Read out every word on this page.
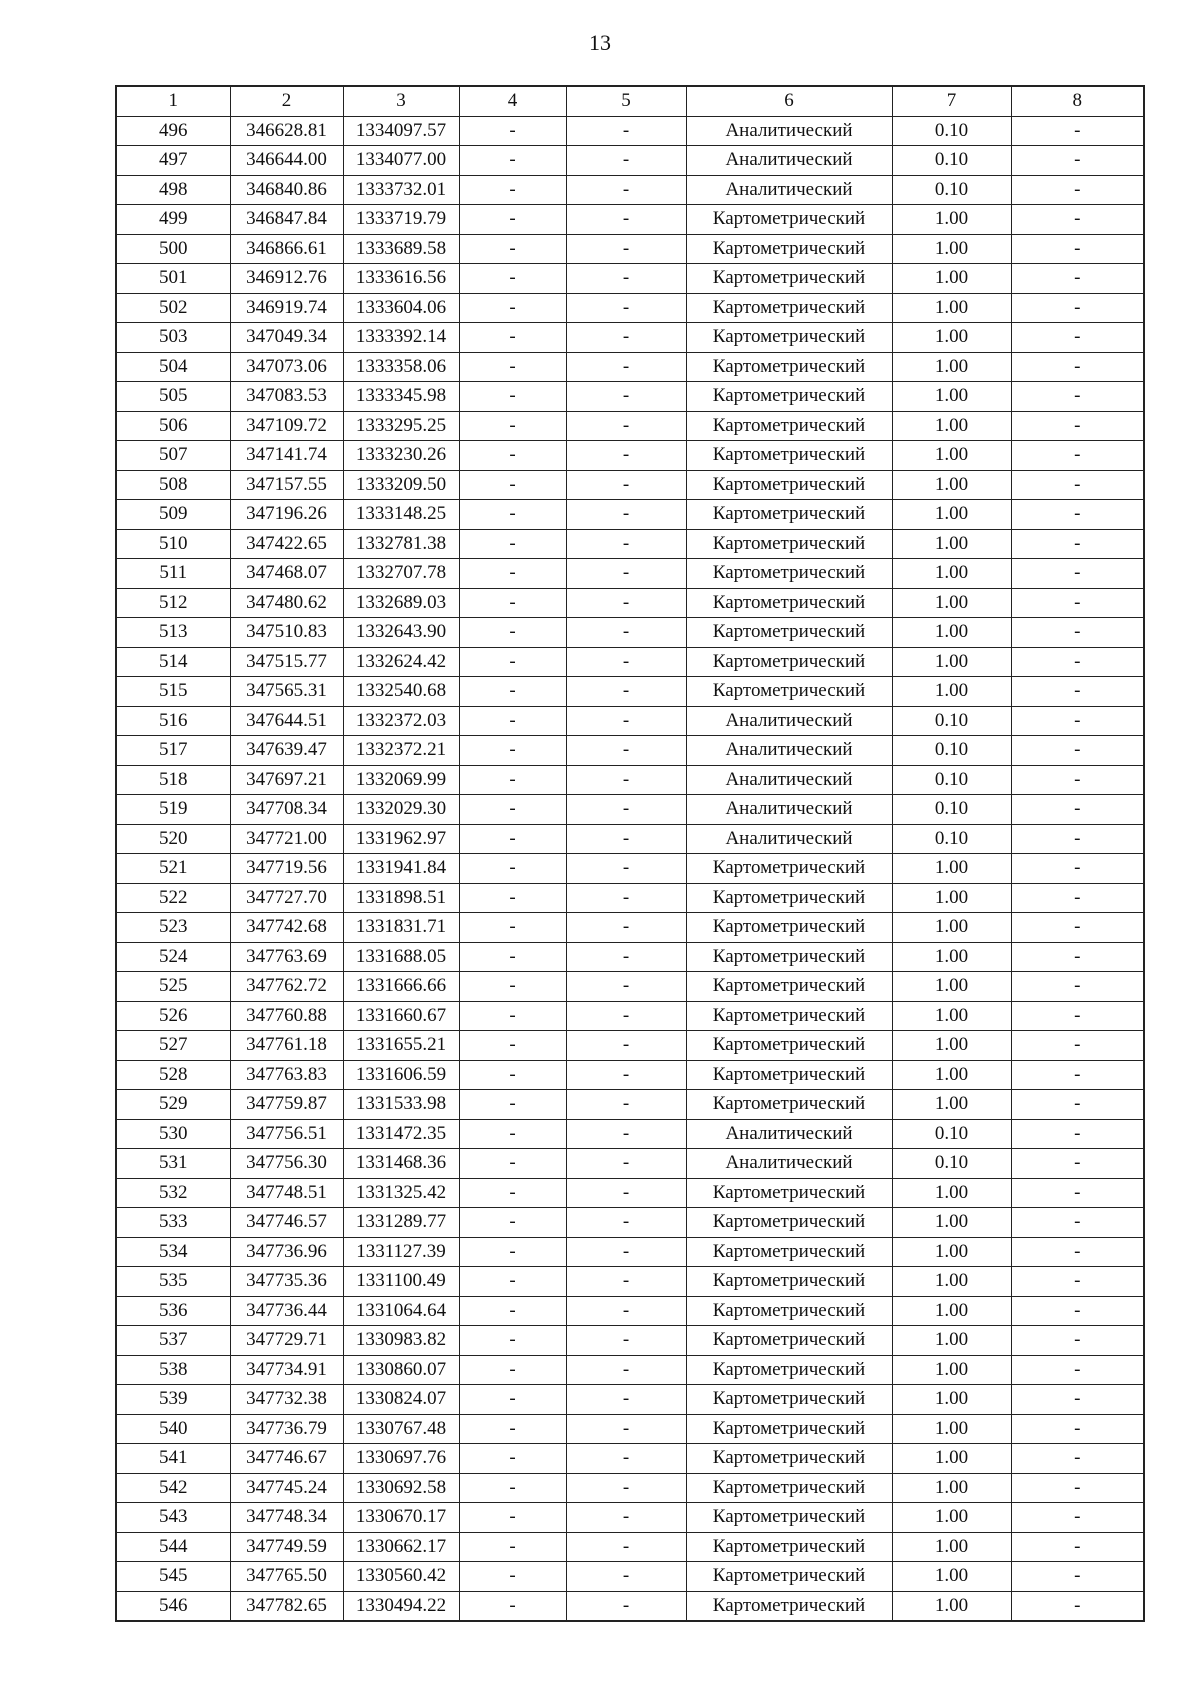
13
1	2	3	4	5	6	7	8
496	346628.81	1334097.57	-	-	Аналитический	0.10	-
497	346644.00	1334077.00	-	-	Аналитический	0.10	-
498	346840.86	1333732.01	-	-	Аналитический	0.10	-
499	346847.84	1333719.79	-	-	Картометрический	1.00	-
500	346866.61	1333689.58	-	-	Картометрический	1.00	-
501	346912.76	1333616.56	-	-	Картометрический	1.00	-
502	346919.74	1333604.06	-	-	Картометрический	1.00	-
503	347049.34	1333392.14	-	-	Картометрический	1.00	-
504	347073.06	1333358.06	-	-	Картометрический	1.00	-
505	347083.53	1333345.98	-	-	Картометрический	1.00	-
506	347109.72	1333295.25	-	-	Картометрический	1.00	-
507	347141.74	1333230.26	-	-	Картометрический	1.00	-
508	347157.55	1333209.50	-	-	Картометрический	1.00	-
509	347196.26	1333148.25	-	-	Картометрический	1.00	-
510	347422.65	1332781.38	-	-	Картометрический	1.00	-
511	347468.07	1332707.78	-	-	Картометрический	1.00	-
512	347480.62	1332689.03	-	-	Картометрический	1.00	-
513	347510.83	1332643.90	-	-	Картометрический	1.00	-
514	347515.77	1332624.42	-	-	Картометрический	1.00	-
515	347565.31	1332540.68	-	-	Картометрический	1.00	-
516	347644.51	1332372.03	-	-	Аналитический	0.10	-
517	347639.47	1332372.21	-	-	Аналитический	0.10	-
518	347697.21	1332069.99	-	-	Аналитический	0.10	-
519	347708.34	1332029.30	-	-	Аналитический	0.10	-
520	347721.00	1331962.97	-	-	Аналитический	0.10	-
521	347719.56	1331941.84	-	-	Картометрический	1.00	-
522	347727.70	1331898.51	-	-	Картометрический	1.00	-
523	347742.68	1331831.71	-	-	Картометрический	1.00	-
524	347763.69	1331688.05	-	-	Картометрический	1.00	-
525	347762.72	1331666.66	-	-	Картометрический	1.00	-
526	347760.88	1331660.67	-	-	Картометрический	1.00	-
527	347761.18	1331655.21	-	-	Картометрический	1.00	-
528	347763.83	1331606.59	-	-	Картометрический	1.00	-
529	347759.87	1331533.98	-	-	Картометрический	1.00	-
530	347756.51	1331472.35	-	-	Аналитический	0.10	-
531	347756.30	1331468.36	-	-	Аналитический	0.10	-
532	347748.51	1331325.42	-	-	Картометрический	1.00	-
533	347746.57	1331289.77	-	-	Картометрический	1.00	-
534	347736.96	1331127.39	-	-	Картометрический	1.00	-
535	347735.36	1331100.49	-	-	Картометрический	1.00	-
536	347736.44	1331064.64	-	-	Картометрический	1.00	-
537	347729.71	1330983.82	-	-	Картометрический	1.00	-
538	347734.91	1330860.07	-	-	Картометрический	1.00	-
539	347732.38	1330824.07	-	-	Картометрический	1.00	-
540	347736.79	1330767.48	-	-	Картометрический	1.00	-
541	347746.67	1330697.76	-	-	Картометрический	1.00	-
542	347745.24	1330692.58	-	-	Картометрический	1.00	-
543	347748.34	1330670.17	-	-	Картометрический	1.00	-
544	347749.59	1330662.17	-	-	Картометрический	1.00	-
545	347765.50	1330560.42	-	-	Картометрический	1.00	-
546	347782.65	1330494.22	-	-	Картометрический	1.00	-
